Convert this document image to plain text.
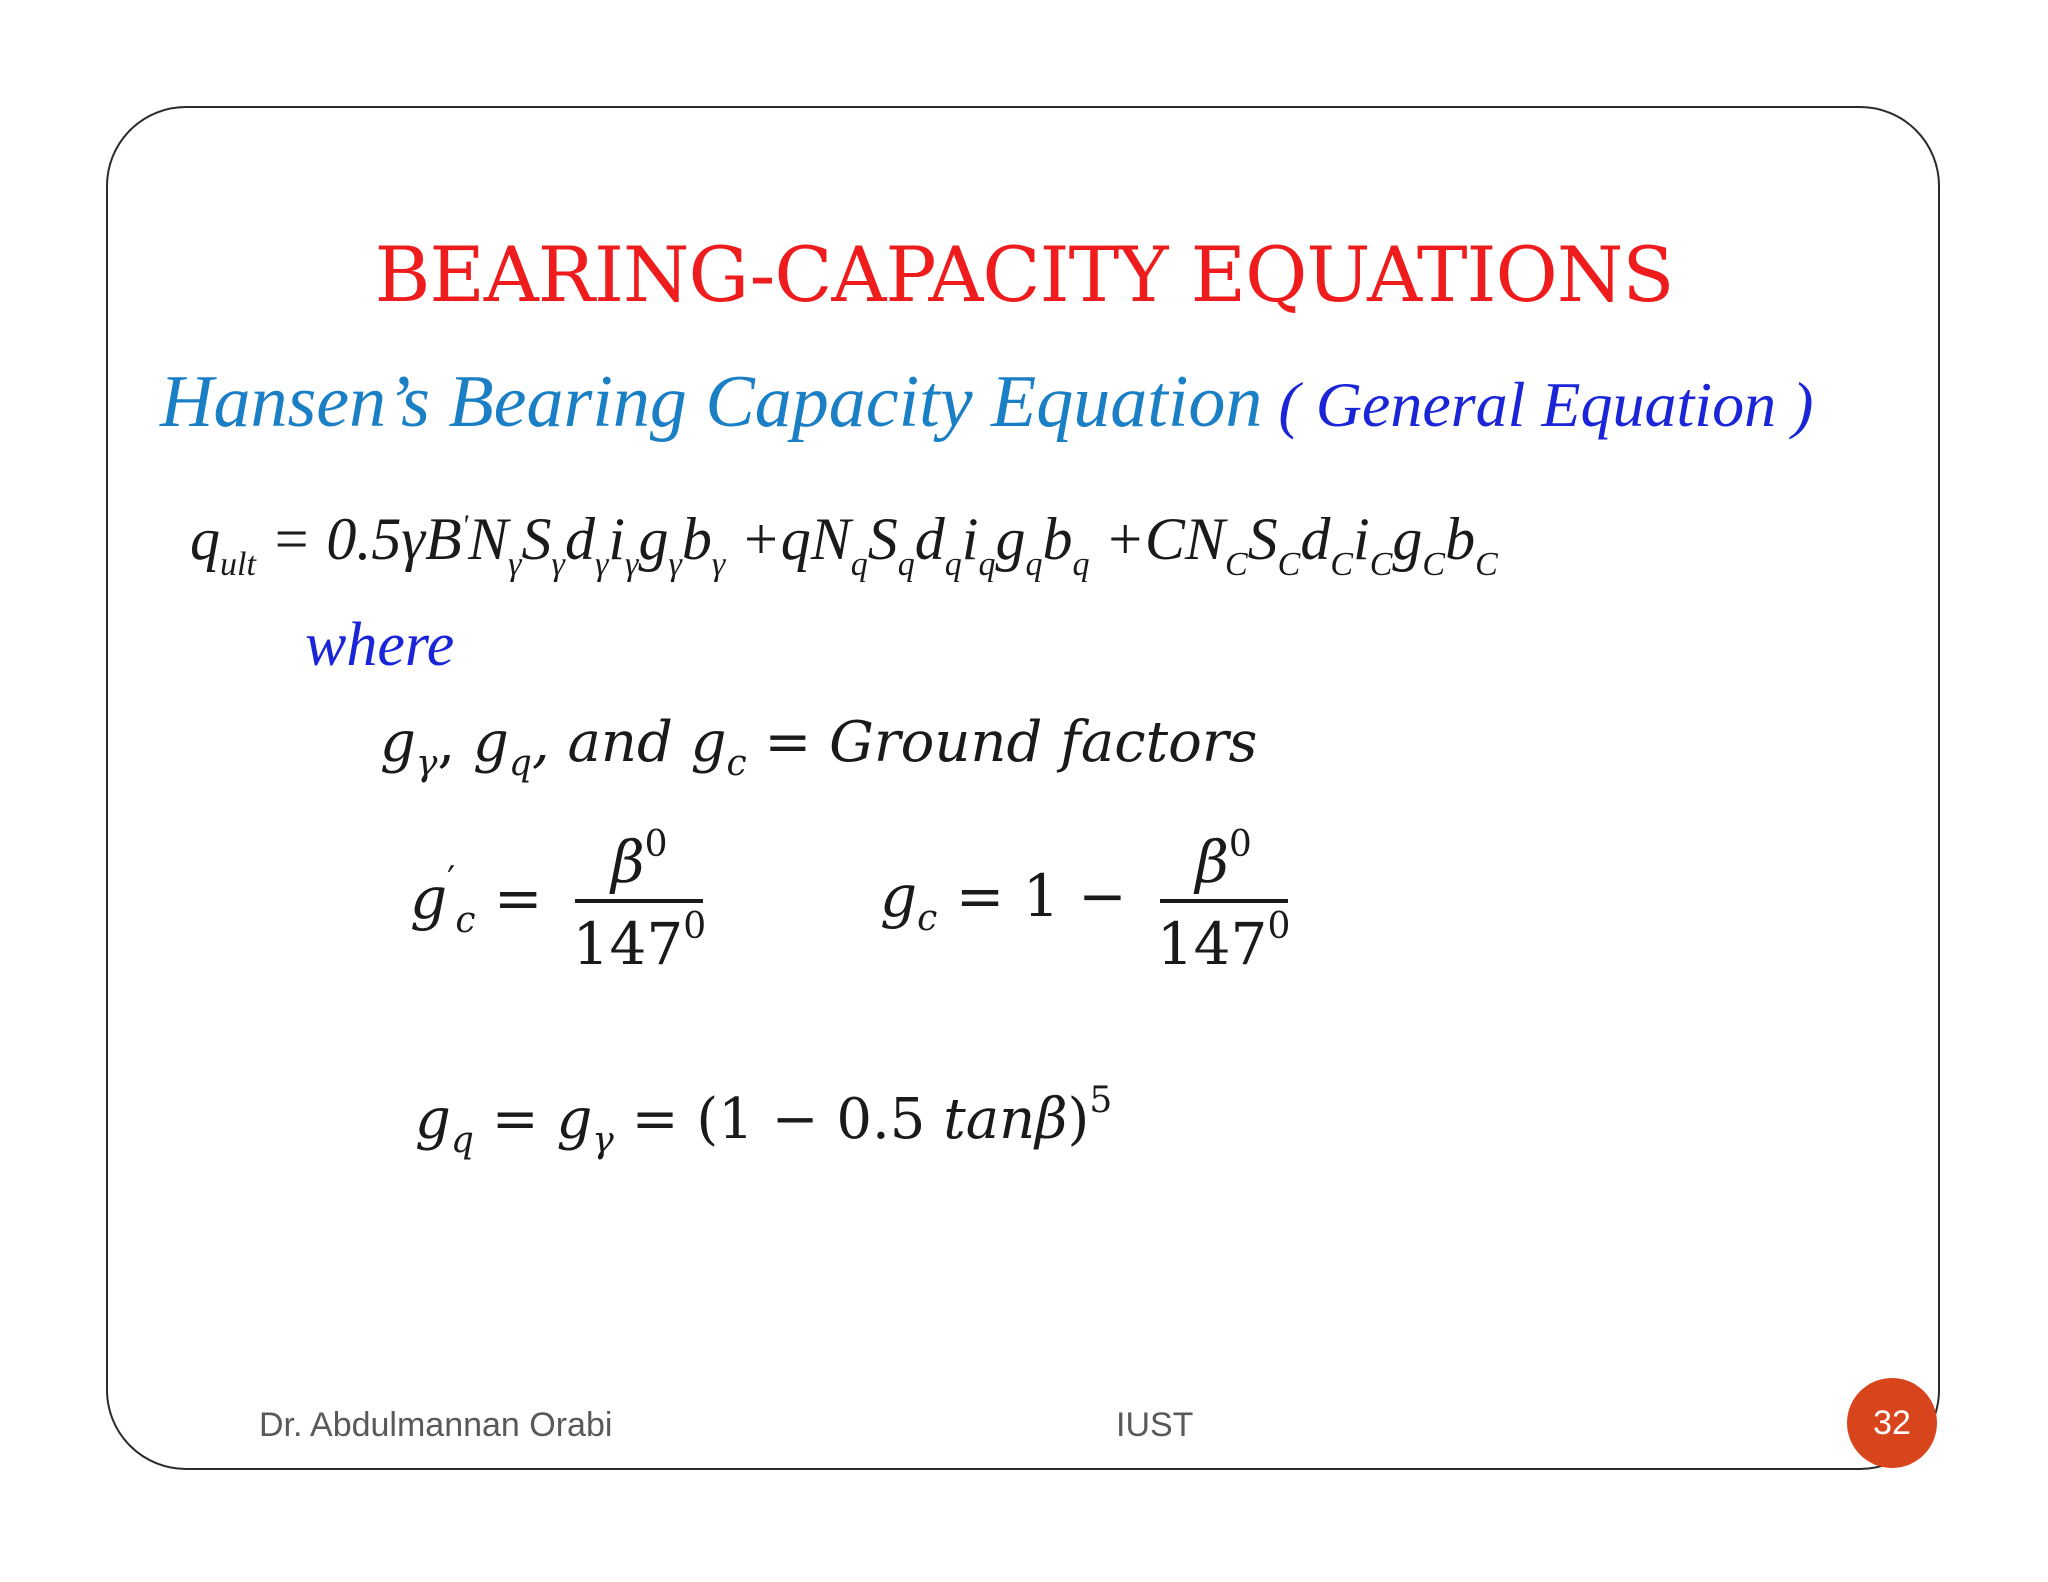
BEARING-CAPACITY EQUATIONS
Hansen’s Bearing Capacity Equation ( General Equation )
$q_{ult} = 0.5\gamma B'N_\gamma S_\gamma d_\gamma i_\gamma g_\gamma b_\gamma +qN_qS_qd_qi_qg_qb_q +CN_CS_Cd_Ci_Cg_Cb_C$
where
$g_\gamma$, $g_q$, and $g_c$ = Ground factors
$g'_c = \frac{\beta^0}{147^0}$	$g_c = 1 - \frac{\beta^0}{147^0}$
$g_q = g_\gamma = (1 - 0.5$ tanβ)$^5$
Dr. Abdulmannan Orabi	IUST	32
